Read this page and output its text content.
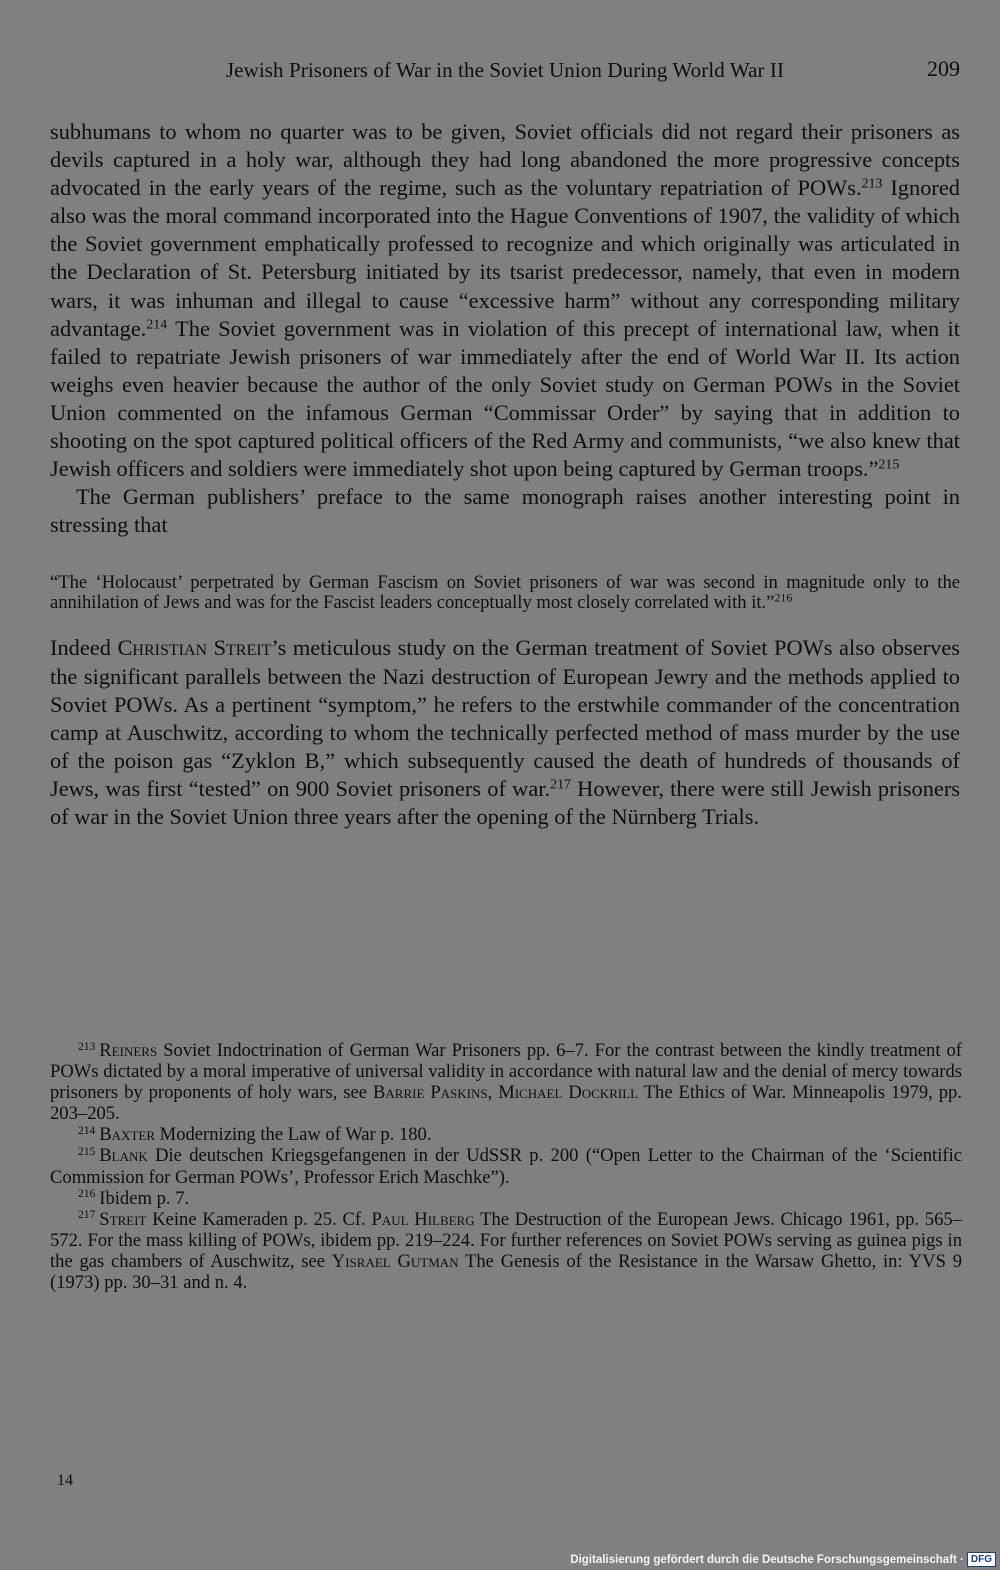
Jewish Prisoners of War in the Soviet Union During World War II	209

subhumans to whom no quarter was to be given, Soviet officials did not regard their prisoners as devils captured in a holy war, although they had long abandoned the more progressive concepts advocated in the early years of the regime, such as the voluntary repatriation of POWs.$^{213}$ Ignored also was the moral command incorporated into the Hague Conventions of 1907, the validity of which the Soviet government emphatically professed to recognize and which originally was articulated in the Declaration of St. Petersburg initiated by its tsarist predecessor, namely, that even in modern wars, it was inhuman and illegal to cause “excessive harm” without any corresponding military advantage.$^{214}$ The Soviet government was in violation of this precept of international law, when it failed to repatriate Jewish prisoners of war immediately after the end of World War II. Its action weighs even heavier because the author of the only Soviet study on German POWs in the Soviet Union commented on the infamous German “Commissar Order” by saying that in addition to shooting on the spot captured political officers of the Red Army and communists, “we also knew that Jewish officers and soldiers were immediately shot upon being captured by German troops.”$^{215}$

The German publishers’ preface to the same monograph raises another interesting point in stressing that

“The ‘Holocaust’ perpetrated by German Fascism on Soviet prisoners of war was second in magnitude only to the annihilation of Jews and was for the Fascist leaders conceptually most closely correlated with it.”$^{216}$

Indeed Christian Streit’s meticulous study on the German treatment of Soviet POWs also observes the significant parallels between the Nazi destruction of European Jewry and the methods applied to Soviet POWs. As a pertinent “symptom,” he refers to the erstwhile commander of the concentration camp at Auschwitz, according to whom the technically perfected method of mass murder by the use of the poison gas “Zyklon B,” which subsequently caused the death of hundreds of thousands of Jews, was first “tested” on 900 Soviet prisoners of war.$^{217}$ However, there were still Jewish prisoners of war in the Soviet Union three years after the opening of the Nürnberg Trials.

$^{213}$ Reiners Soviet Indoctrination of German War Prisoners pp. 6–7. For the contrast between the kindly treatment of POWs dictated by a moral imperative of universal validity in accordance with natural law and the denial of mercy towards prisoners by proponents of holy wars, see Barrie Paskins, Michael Dockrill The Ethics of War. Minneapolis 1979, pp. 203–205.

$^{214}$ Baxter Modernizing the Law of War p. 180.

$^{215}$ Blank Die deutschen Kriegsgefangenen in der UdSSR p. 200 (“Open Letter to the Chairman of the ‘Scientific Commission for German POWs’, Professor Erich Maschke”).

$^{216}$ Ibidem p. 7.

$^{217}$ Streit Keine Kameraden p. 25. Cf. Paul Hilberg The Destruction of the European Jews. Chicago 1961, pp. 565–572. For the mass killing of POWs, ibidem pp. 219–224. For further references on Soviet POWs serving as guinea pigs in the gas chambers of Auschwitz, see Yisrael Gutman The Genesis of the Resistance in the Warsaw Ghetto, in: YVS 9 (1973) pp. 30–31 and n. 4.

14
Digitalisierung gefördert durch die Deutsche Forschungsgemeinschaft · DFG
